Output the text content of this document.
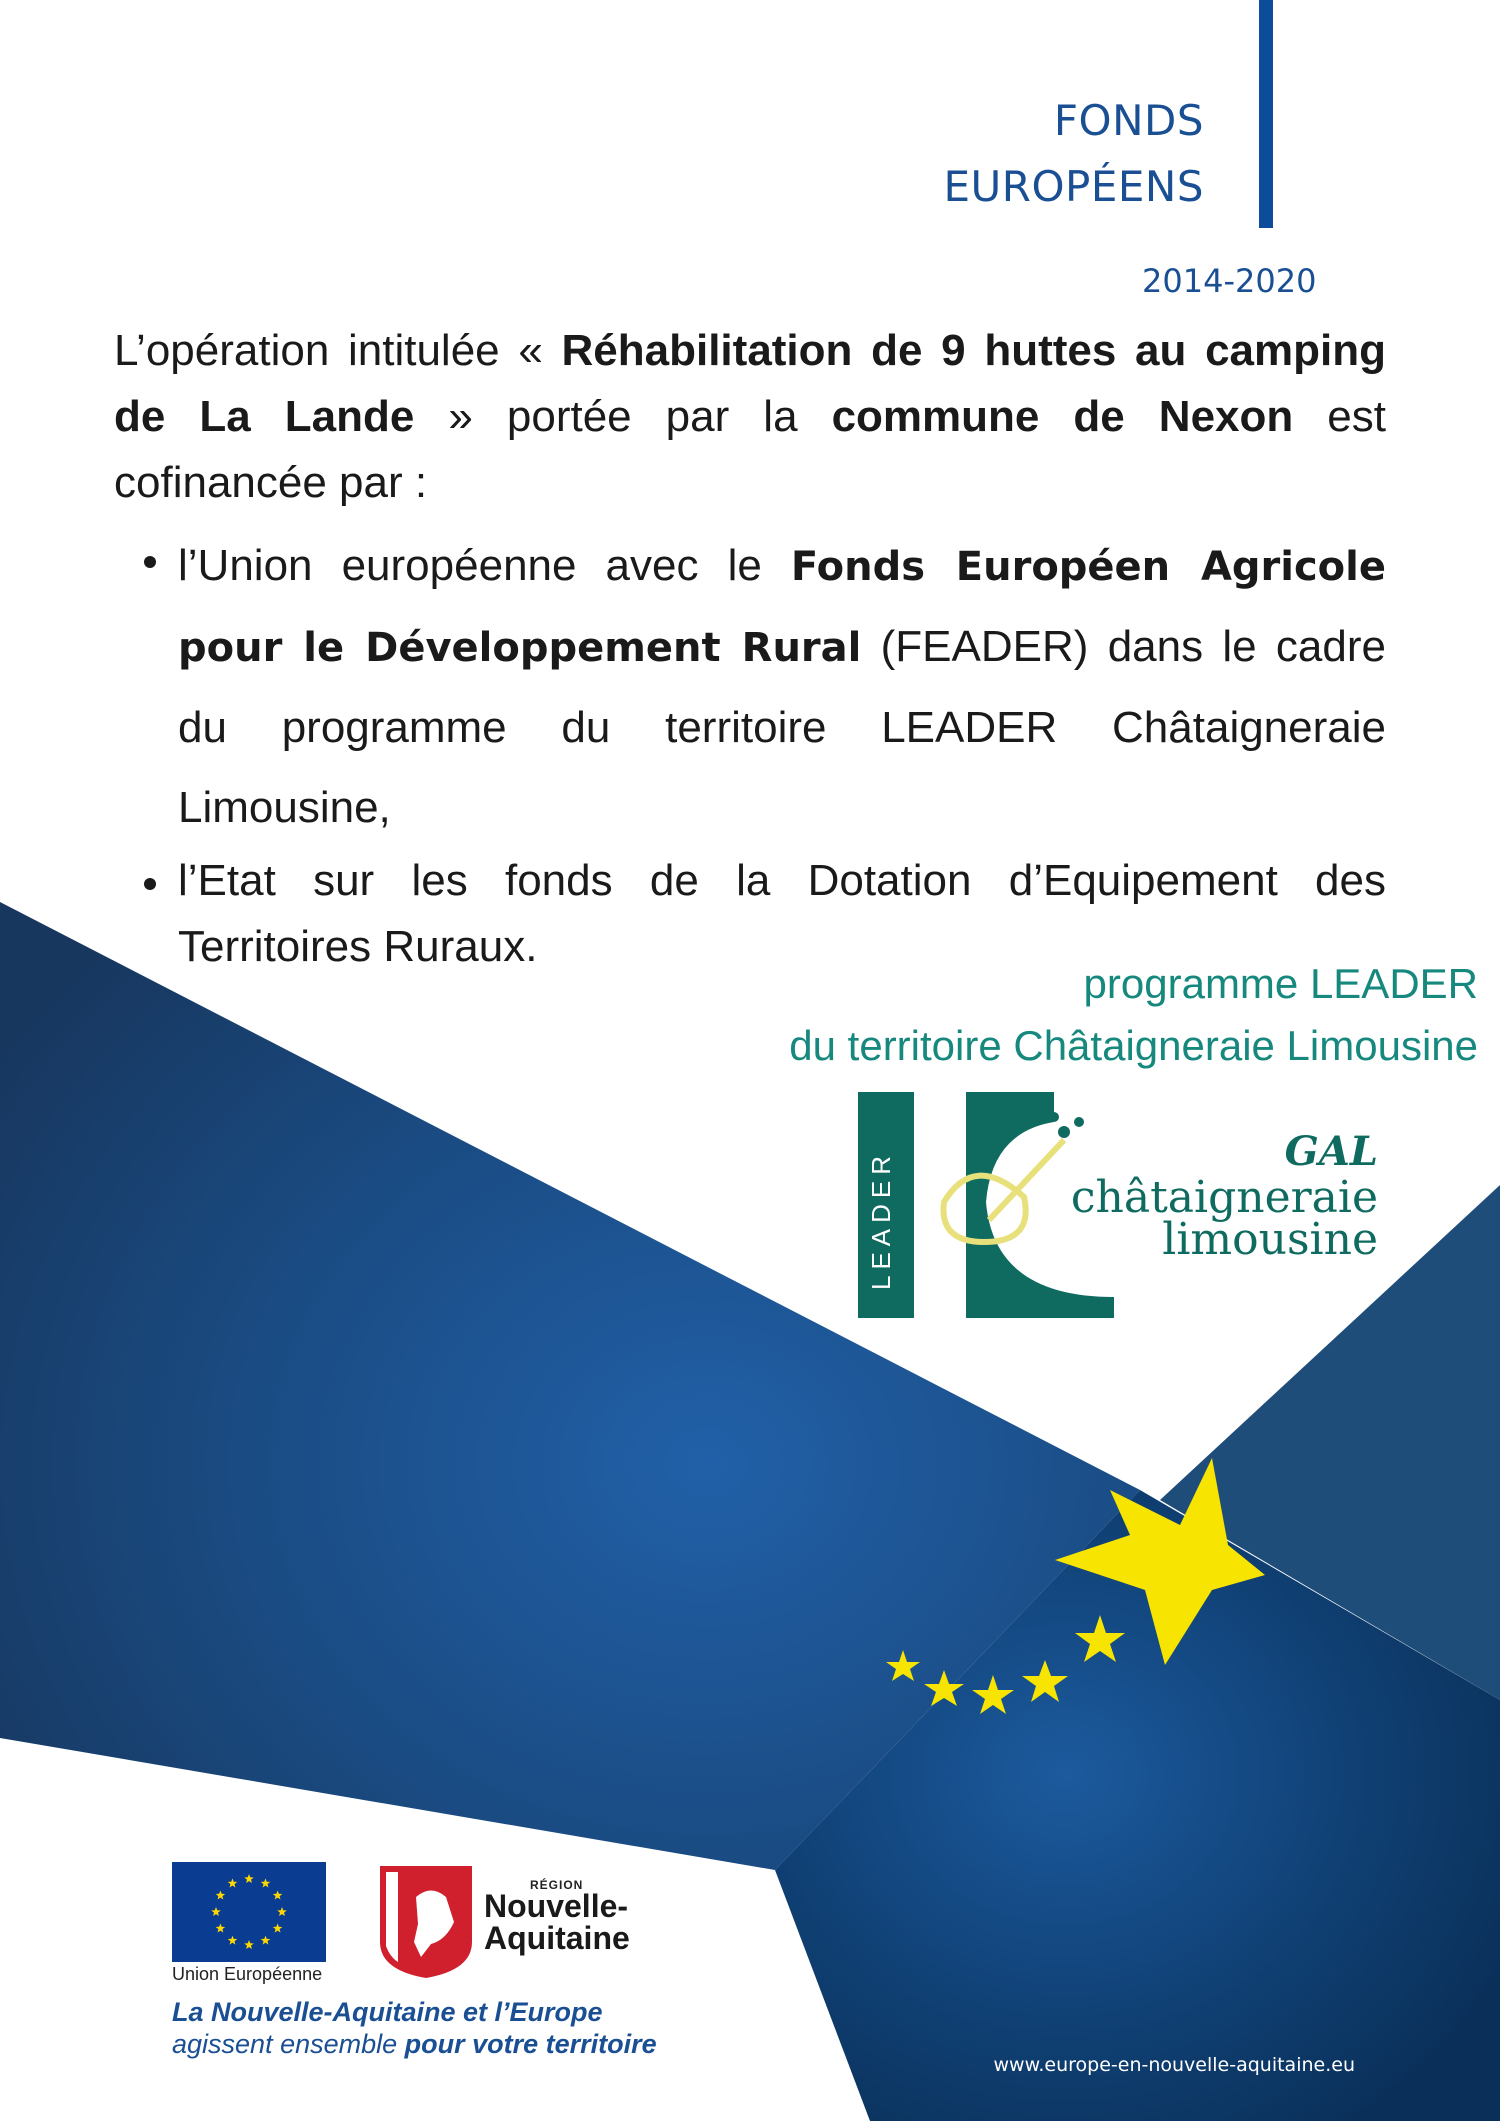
FONDS
EUROPÉENS
2014-2020
L’opération intitulée « Réhabilitation de 9 huttes au camping de La Lande » portée par la commune de Nexon est cofinancée par :
l’Union européenne avec le Fonds Européen Agricole pour le Développement Rural (FEADER) dans le cadre du programme du territoire LEADER Châtaigneraie Limousine,
l’Etat sur les fonds de la Dotation d’Equipement des Territoires Ruraux.
programme LEADER
du territoire Châtaigneraie Limousine
LEADER	GAL
châtaigneraie
limousine
Union Européenne
RÉGION
Nouvelle-
Aquitaine
La Nouvelle-Aquitaine et l’Europe
agissent ensemble pour votre territoire
www.europe-en-nouvelle-aquitaine.eu
